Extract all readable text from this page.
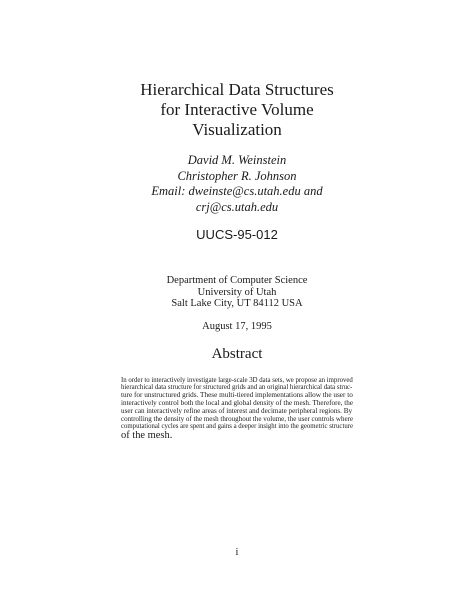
Hierarchical Data Structures
for Interactive Volume
Visualization
David M. Weinstein
Christopher R. Johnson
Email: dweinste@cs.utah.edu and
crj@cs.utah.edu
UUCS-95-012
Department of Computer Science
University of Utah
Salt Lake City, UT 84112 USA
August 17, 1995
Abstract
In order to interactively investigate large-scale 3D data sets, we propose an improved
hierarchical data structure for structured grids and an original hierarchical data struc-
ture for unstructured grids. These multi-tiered implementations allow the user to
interactively control both the local and global density of the mesh. Therefore, the
user can interactively refine areas of interest and decimate peripheral regions. By
controlling the density of the mesh throughout the volume, the user controls where
computational cycles are spent and gains a deeper insight into the geometric structure
of the mesh.
i
